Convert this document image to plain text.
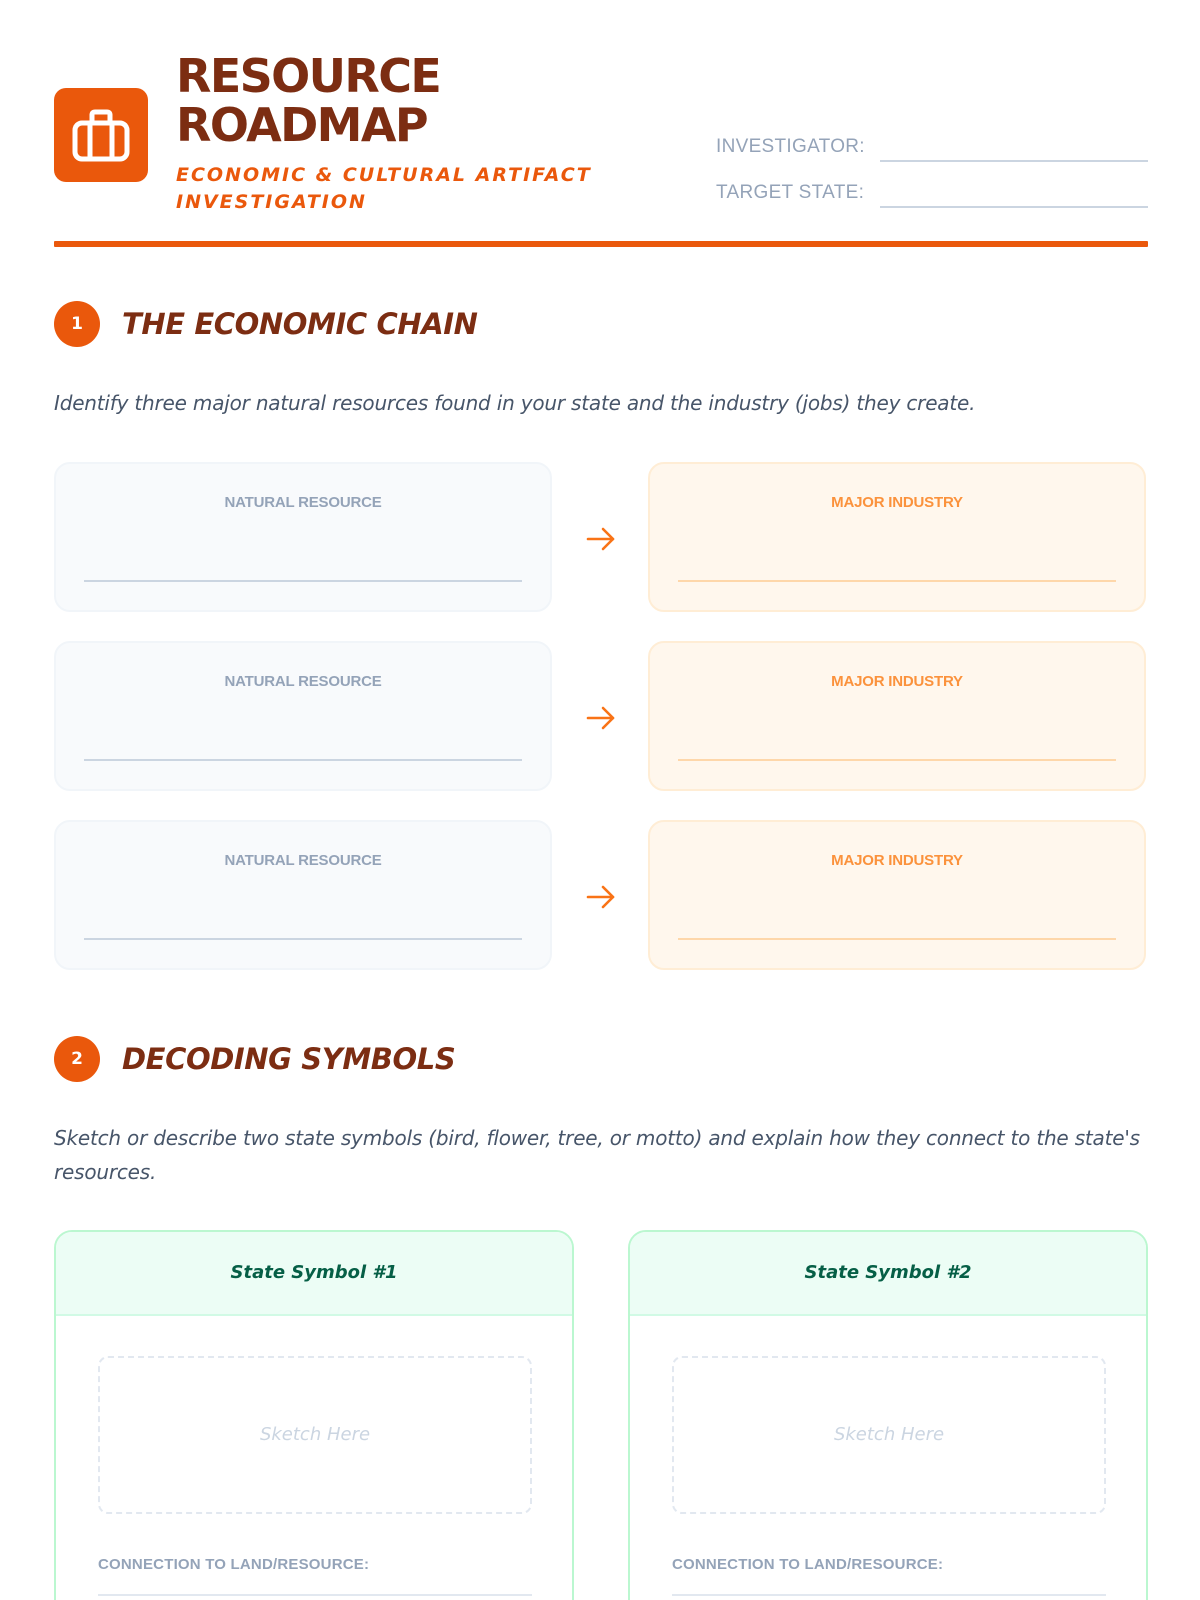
RESOURCE
ROADMAP
ECONOMIC & CULTURAL ARTIFACT INVESTIGATION
INVESTIGATOR:
TARGET STATE:
1	THE ECONOMIC CHAIN
Identify three major natural resources found in your state and the industry (jobs) they create.
NATURAL RESOURCE	MAJOR INDUSTRY
NATURAL RESOURCE	MAJOR INDUSTRY
NATURAL RESOURCE	MAJOR INDUSTRY
2	DECODING SYMBOLS
Sketch or describe two state symbols (bird, flower, tree, or motto) and explain how they connect to the state's resources.
State Symbol #1
Sketch Here
CONNECTION TO LAND/RESOURCE:
State Symbol #2
Sketch Here
CONNECTION TO LAND/RESOURCE:
